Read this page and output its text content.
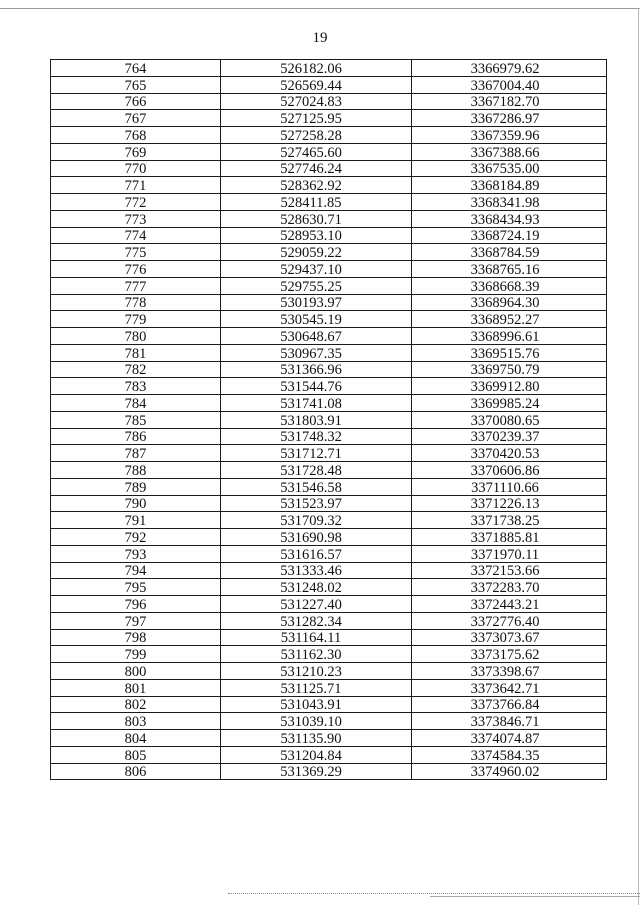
19
764	526182.06	3366979.62
765	526569.44	3367004.40
766	527024.83	3367182.70
767	527125.95	3367286.97
768	527258.28	3367359.96
769	527465.60	3367388.66
770	527746.24	3367535.00
771	528362.92	3368184.89
772	528411.85	3368341.98
773	528630.71	3368434.93
774	528953.10	3368724.19
775	529059.22	3368784.59
776	529437.10	3368765.16
777	529755.25	3368668.39
778	530193.97	3368964.30
779	530545.19	3368952.27
780	530648.67	3368996.61
781	530967.35	3369515.76
782	531366.96	3369750.79
783	531544.76	3369912.80
784	531741.08	3369985.24
785	531803.91	3370080.65
786	531748.32	3370239.37
787	531712.71	3370420.53
788	531728.48	3370606.86
789	531546.58	3371110.66
790	531523.97	3371226.13
791	531709.32	3371738.25
792	531690.98	3371885.81
793	531616.57	3371970.11
794	531333.46	3372153.66
795	531248.02	3372283.70
796	531227.40	3372443.21
797	531282.34	3372776.40
798	531164.11	3373073.67
799	531162.30	3373175.62
800	531210.23	3373398.67
801	531125.71	3373642.71
802	531043.91	3373766.84
803	531039.10	3373846.71
804	531135.90	3374074.87
805	531204.84	3374584.35
806	531369.29	3374960.02
